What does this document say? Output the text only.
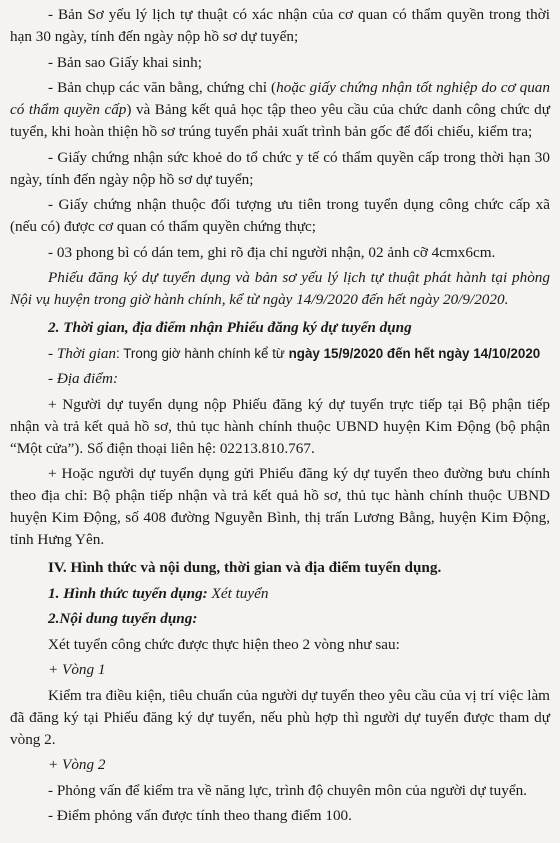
- Bản Sơ yếu lý lịch tự thuật có xác nhận của cơ quan có thẩm quyền trong thời hạn 30 ngày, tính đến ngày nộp hồ sơ dự tuyển;

- Bản sao Giấy khai sinh;

- Bản chụp các văn bằng, chứng chỉ (hoặc giấy chứng nhận tốt nghiệp do cơ quan có thẩm quyền cấp) và Bảng kết quả học tập theo yêu cầu của chức danh công chức dự tuyển, khi hoàn thiện hồ sơ trúng tuyển phải xuất trình bản gốc để đối chiếu, kiểm tra;

- Giấy chứng nhận sức khoẻ do tổ chức y tế có thẩm quyền cấp trong thời hạn 30 ngày, tính đến ngày nộp hồ sơ dự tuyển;

- Giấy chứng nhận thuộc đối tượng ưu tiên trong tuyển dụng công chức cấp xã (nếu có) được cơ quan có thẩm quyền chứng thực;

- 03 phong bì có dán tem, ghi rõ địa chỉ người nhận, 02 ảnh cỡ 4cmx6cm.

Phiếu đăng ký dự tuyển dụng và bản sơ yếu lý lịch tự thuật phát hành tại phòng Nội vụ huyện trong giờ hành chính, kể từ ngày 14/9/2020 đến hết ngày 20/9/2020.

2. Thời gian, địa điểm nhận Phiếu đăng ký dự tuyển dụng

- Thời gian: Trong giờ hành chính kể từ ngày 15/9/2020 đến hết ngày 14/10/2020

- Địa điểm:

+ Người dự tuyển dụng nộp Phiếu đăng ký dự tuyển trực tiếp tại Bộ phận tiếp nhận và trả kết quả hồ sơ, thủ tục hành chính thuộc UBND huyện Kim Động (bộ phận “Một cửa”). Số điện thoại liên hệ: 02213.810.767.

+ Hoặc người dự tuyển dụng gửi Phiếu đăng ký dự tuyển theo đường bưu chính theo địa chỉ: Bộ phận tiếp nhận và trả kết quả hồ sơ, thủ tục hành chính thuộc UBND huyện Kim Động, số 408 đường Nguyễn Bình, thị trấn Lương Bằng, huyện Kim Động, tỉnh Hưng Yên.

IV. Hình thức và nội dung, thời gian và địa điểm tuyển dụng.

1. Hình thức tuyển dụng: Xét tuyển

2.Nội dung tuyển dụng:

Xét tuyển công chức được thực hiện theo 2 vòng như sau:

+ Vòng 1

Kiểm tra điều kiện, tiêu chuẩn của người dự tuyển theo yêu cầu của vị trí việc làm đã đăng ký tại Phiếu đăng ký dự tuyển, nếu phù hợp thì người dự tuyển được tham dự vòng 2.

+ Vòng 2

- Phỏng vấn để kiểm tra về năng lực, trình độ chuyên môn của người dự tuyển.

- Điểm phỏng vấn được tính theo thang điểm 100.
